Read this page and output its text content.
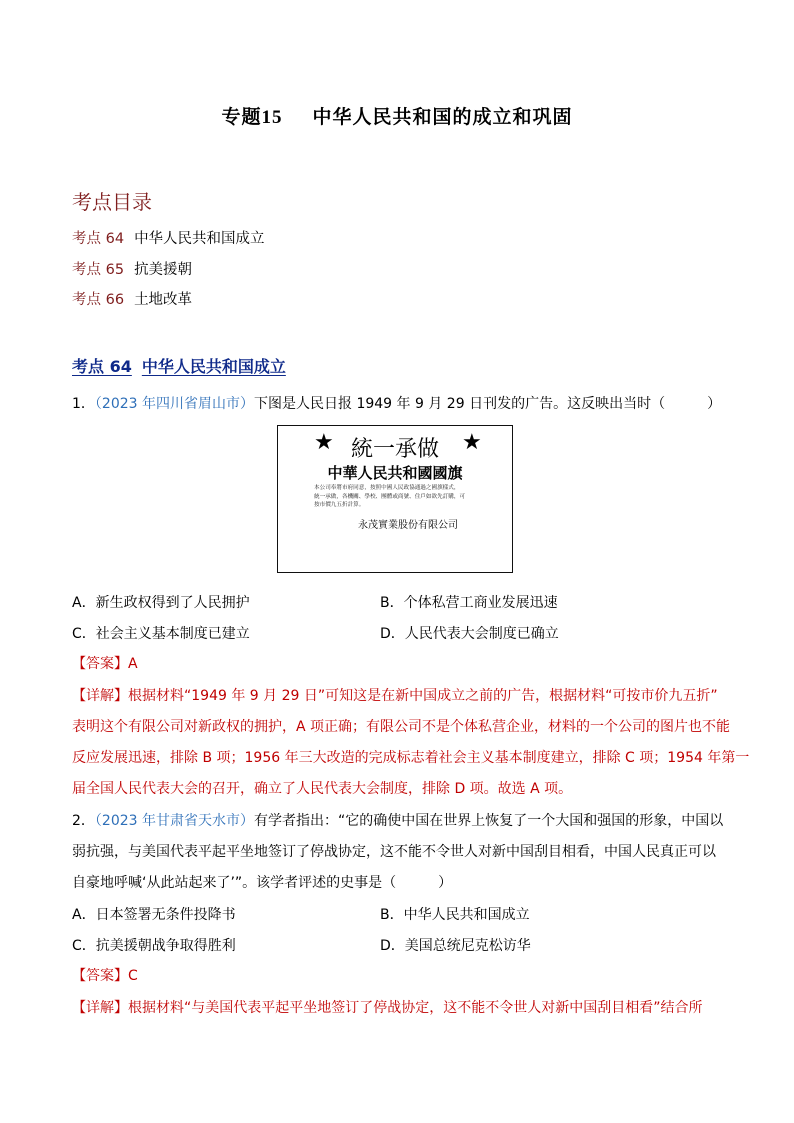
专题15 中华人民共和国的成立和巩固
考点目录
考点 64 中华人民共和国成立
考点 65 抗美援朝
考点 66 土地改革
考点 64 中华人民共和国成立
1．（2023 年四川省眉山市）下图是人民日报 1949 年 9 月 29 日刊发的广告。这反映出当时（　　　）
★	★
統一承做
中華人民共和國國旗
本公司奉將市府同意，按照中國人民政協通過之國旗樣式，
統一承做，各機關、學校、團體或商號、住戶如欲先訂購，可
按市價九五折計算。
永茂實業股份有限公司
A．新生政权得到了人民拥护	B．个体私营工商业发展迅速
C．社会主义基本制度已建立	D．人民代表大会制度已确立
【答案】A
【详解】根据材料“1949 年 9 月 29 日”可知这是在新中国成立之前的广告，根据材料“可按市价九五折”
表明这个有限公司对新政权的拥护，A 项正确；有限公司不是个体私营企业，材料的一个公司的图片也不能
反应发展迅速，排除 B 项；1956 年三大改造的完成标志着社会主义基本制度建立，排除 C 项；1954 年第一
届全国人民代表大会的召开，确立了人民代表大会制度，排除 D 项。故选 A 项。
2．（2023 年甘肃省天水市）有学者指出：“它的确使中国在世界上恢复了一个大国和强国的形象，中国以
弱抗强，与美国代表平起平坐地签订了停战协定，这不能不令世人对新中国刮目相看，中国人民真正可以
自豪地呼喊‘从此站起来了’”。该学者评述的史事是（　　　）
A．日本签署无条件投降书	B．中华人民共和国成立
C．抗美援朝战争取得胜利	D．美国总统尼克松访华
【答案】C
【详解】根据材料“与美国代表平起平坐地签订了停战协定，这不能不令世人对新中国刮目相看”结合所
